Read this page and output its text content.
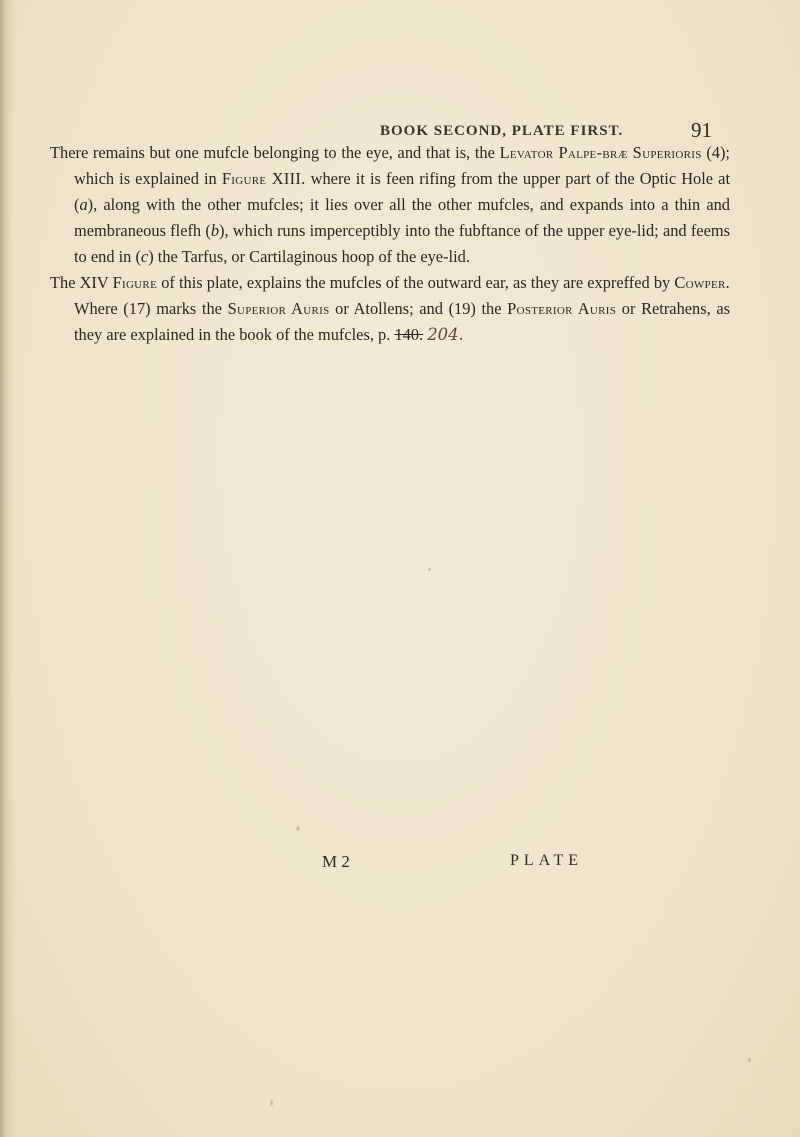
BOOK SECOND, PLATE FIRST.	91

There remains but one mufcle belonging to the eye, and that is, the Levator Palpe-bræ Superioris (4); which is explained in Figure XIII. where it is feen rifing from the upper part of the Optic Hole at (a), along with the other mufcles; it lies over all the other mufcles, and expands into a thin and membraneous flefh (b), which runs imperceptibly into the fubftance of the upper eye-lid; and feems to end in (c) the Tarfus, or Cartilaginous hoop of the eye-lid.

The XIV Figure of this plate, explains the mufcles of the outward ear, as they are expreffed by Cowper. Where (17) marks the Superior Auris or Atollens; and (19) the Posterior Auris or Retrahens, as they are explained in the book of the mufcles, p. 140. 204.

M 2	PLATE
